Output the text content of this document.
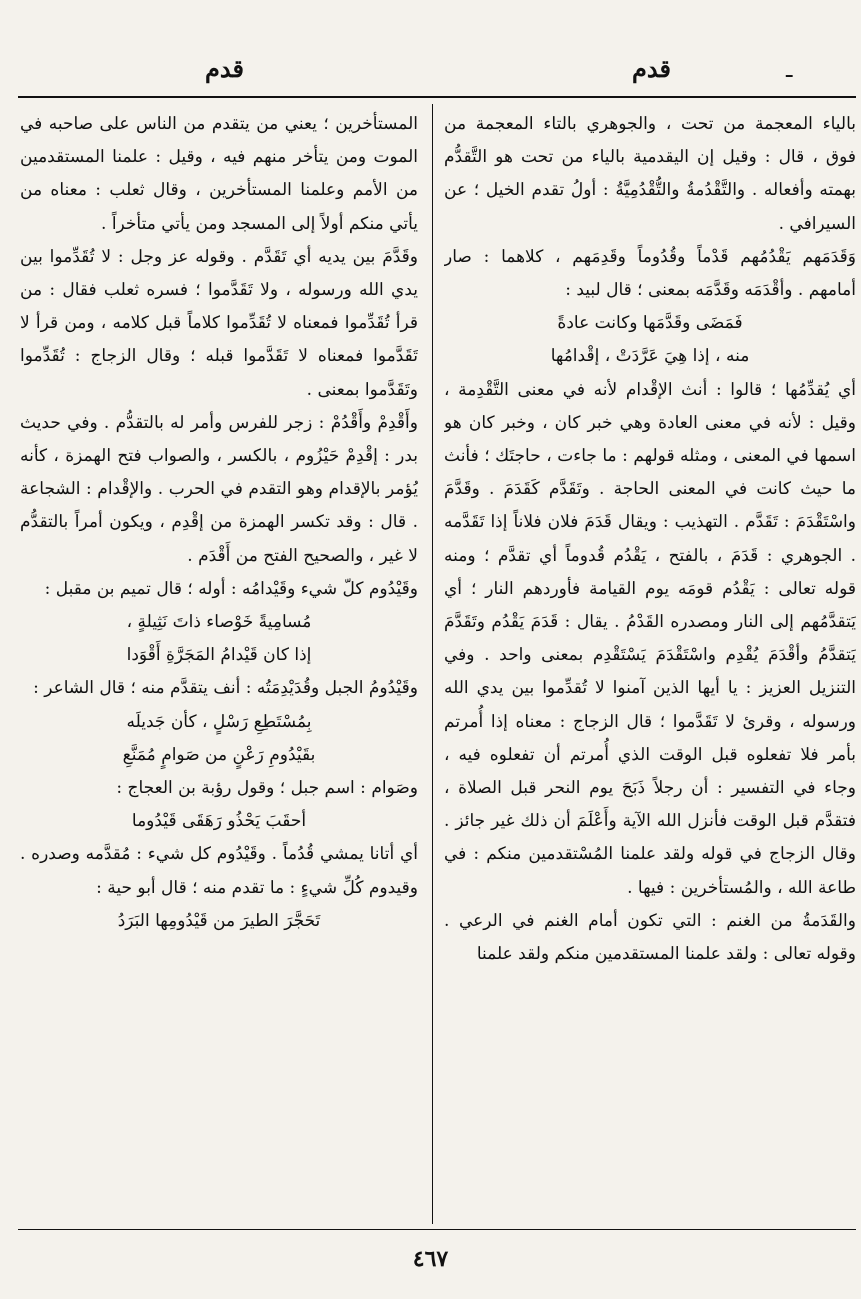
قدم	قدم	ـ

بالياء المعجمة من تحت ، والجوهري بالتاء المعجمة من فوق ، قال : وقيل إن اليقدمية بالياء من تحت هو التَّقدُّم بهمته وأفعاله . والتَّقْدُمةُ والتُّقْدُمِيَّةُ : أولُ تقدم الخيل ؛ عن السيرافي .

وَقَدَمَهم يَقْدُمُهم قَدْماً وقُدُوماً وقَدِمَهم ، كلاهما : صار أمامهم . وأقْدَمَه وقَدَّمَه بمعنى ؛ قال لبيد :

فَمَضَى وقَدَّمَها وكانت عادةً

منه ، إذا هِيَ عَرَّدَتْ ، إقْدامُها

أي يُقدِّمُها ؛ قالوا : أنث الإقْدام لأنه في معنى التَّقْدِمة ، وقيل : لأنه في معنى العادة وهي خبر كان ، وخبر كان هو اسمها في المعنى ، ومثله قولهم : ما جاءت ، حاجتَك ؛ فأنث ما حيث كانت في المعنى الحاجة . وتَقَدَّم كَقَدَمَ . وقَدَّمَ واسْتَقْدَمَ : تَقَدَّم . التهذيب : ويقال قَدَمَ فلان فلاناً إذا تَقَدَّمه . الجوهري : قَدَمَ ، بالفتح ، يَقْدُم قُدوماً أي تقدَّم ؛ ومنه قوله تعالى : يَقْدُم قومَه يوم القيامة فأوردهم النار ؛ أي يَتقدَّمُهم إلى النار ومصدره القَدْمُ . يقال : قَدَمَ يَقْدُم وتَقَدَّمَ يَتقدَّمُ وأقْدَمَ يُقْدِم واسْتَقْدَمَ يَسْتَقْدِم بمعنى واحد . وفي التنزيل العزيز : يا أيها الذين آمنوا لا تُقدِّموا بين يدي الله ورسوله ، وقرئ لا تَقَدَّموا ؛ قال الزجاج : معناه إذا أُمرتم بأمر فلا تفعلوه قبل الوقت الذي أُمرتم أن تفعلوه فيه ، وجاء في التفسير : أن رجلاً ذَبَحَ يوم النحر قبل الصلاة ، فتقدَّم قبل الوقت فأنزل الله الآية وأَعْلَمَ أن ذلك غير جائز . وقال الزجاج في قوله ولقد علمنا المُسْتقدمين منكم : في طاعة الله ، والمُستأخرين : فيها .

والقَدَمةُ من الغنم : التي تكون أمام الغنم في الرعي . وقوله تعالى : ولقد علمنا المستقدمين منكم ولقد علمنا

المستأخرين ؛ يعني من يتقدم من الناس على صاحبه في الموت ومن يتأخر منهم فيه ، وقيل : علمنا المستقدمين من الأمم وعلمنا المستأخرين ، وقال ثعلب : معناه من يأتي منكم أولاً إلى المسجد ومن يأتي متأخراً .

وقَدَّمَ بين يديه أي تَقَدَّم . وقوله عز وجل : لا تُقَدِّموا بين يدي الله ورسوله ، ولا تَقَدَّموا ؛ فسره ثعلب فقال : من قرأ تُقَدِّموا فمعناه لا تُقَدِّموا كلاماً قبل كلامه ، ومن قرأ لا تَقَدَّموا فمعناه لا تَقَدَّموا قبله ؛ وقال الزجاج : تُقَدِّموا وتَقَدَّموا بمعنى .

وأَقْدِمْ وأَقْدُمْ : زجر للفرس وأمر له بالتقدُّم . وفي حديث بدر : إقْدِمْ حَيْزُوم ، بالكسر ، والصواب فتح الهمزة ، كأنه يُؤمر بالإقدام وهو التقدم في الحرب . والإقْدام : الشجاعة . قال : وقد تكسر الهمزة من إقْدِم ، ويكون أمراً بالتقدُّم لا غير ، والصحيح الفتح من أَقْدَم .

وقَيْدُوم كلّ شيء وقَيْدامُه : أوله ؛ قال تميم بن مقبل :

مُسامِيةً خَوْصاء ذاتَ نَثِيلةٍ ،

إذا كان قَيْدامُ المَجَرَّةِ أَقْوَدا

وقَيْدُومُ الجبل وقُدَيْدِمَتُه : أنف يتقدَّم منه ؛ قال الشاعر :

بِمُسْتَطِعِ رَسْلٍ ، كأن جَديلَه

بقَيْدُومِ رَعْنٍ من صَوامٍ مُمَنَّعِ

وصَوام : اسم جبل ؛ وقول رؤبة بن العجاج :

أحقَبَ يَحْذُو رَهَقَى قَيْدُوما

أي أتانا يمشي قُدُماً . وقَيْدُوم كل شيء : مُقدَّمه وصدره . وقيدوم كُلِّ شيءٍ : ما تقدم منه ؛ قال أبو حية :

تَحَجَّرَ الطيرَ من قَيْدُومِها البَرَدُ

٤٦٧
